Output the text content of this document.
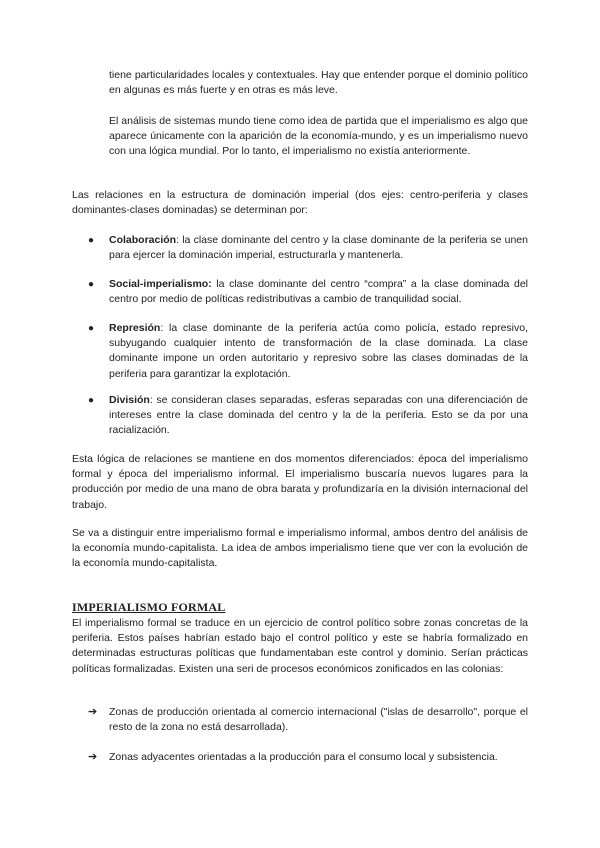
tiene particularidades locales y contextuales. Hay que entender porque el dominio político en algunas es más fuerte y en otras es más leve.

El análisis de sistemas mundo tiene como idea de partida que el imperialismo es algo que aparece únicamente con la aparición de la economía-mundo, y es un imperialismo nuevo con una lógica mundial. Por lo tanto, el imperialismo no existía anteriormente.

Las relaciones en la estructura de dominación imperial (dos ejes: centro-periferia y clases dominantes-clases dominadas) se determinan por:

●	Colaboración: la clase dominante del centro y la clase dominante de la periferia se unen para ejercer la dominación imperial, estructurarla y mantenerla.
●	Social-imperialismo: la clase dominante del centro “compra” a la clase dominada del centro por medio de políticas redistributivas a cambio de tranquilidad social.
●	Represión: la clase dominante de la periferia actúa como policía, estado represivo, subyugando cualquier intento de transformación de la clase dominada. La clase dominante impone un orden autoritario y represivo sobre las clases dominadas de la periferia para garantizar la explotación.
●	División: se consideran clases separadas, esferas separadas con una diferenciación de intereses entre la clase dominada del centro y la de la periferia. Esto se da por una racialización.

Esta lógica de relaciones se mantiene en dos momentos diferenciados: época del imperialismo formal y época del imperialismo informal. El imperialismo buscaría nuevos lugares para la producción por medio de una mano de obra barata y profundizaría en la división internacional del trabajo.

Se va a distinguir entre imperialismo formal e imperialismo informal, ambos dentro del análisis de la economía mundo-capitalista. La idea de ambos imperialismo tiene que ver con la evolución de la economía mundo-capitalista.

IMPERIALISMO FORMAL

El imperialismo formal se traduce en un ejercicio de control político sobre zonas concretas de la periferia. Estos países habrían estado bajo el control político y este se habría formalizado en determinadas estructuras políticas que fundamentaban este control y dominio. Serían prácticas políticas formalizadas. Existen una seri de procesos económicos zonificados en las colonias:

➔	Zonas de producción orientada al comercio internacional ("islas de desarrollo", porque el resto de la zona no está desarrollada).
➔	Zonas adyacentes orientadas a la producción para el consumo local y subsistencia.
